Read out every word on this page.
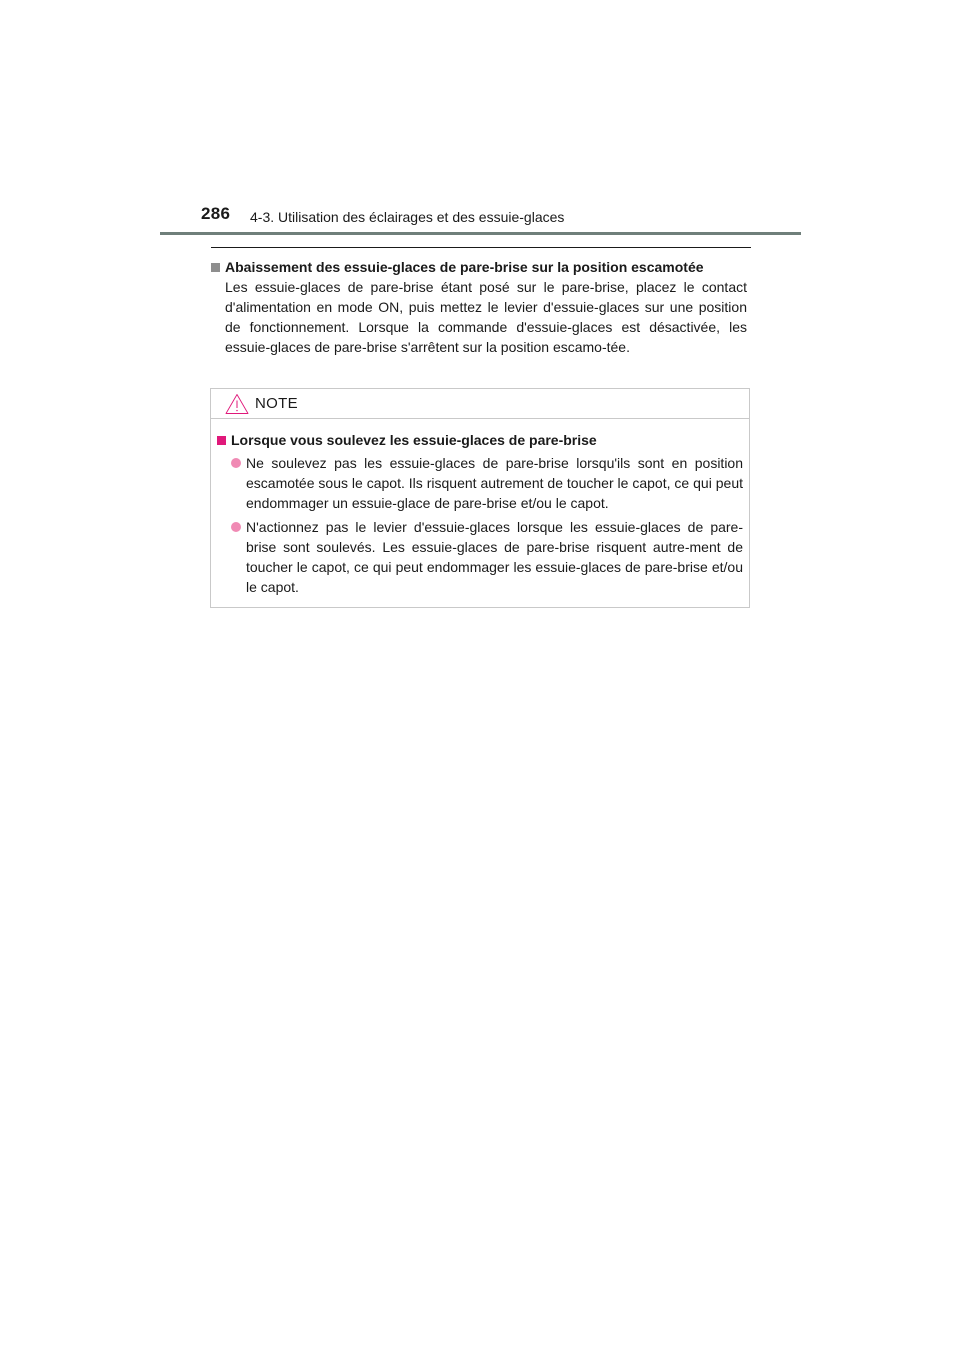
286 4-3. Utilisation des éclairages et des essuie-glaces
Abaissement des essuie-glaces de pare-brise sur la position escamotée

Les essuie-glaces de pare-brise étant posé sur le pare-brise, placez le contact d'alimentation en mode ON, puis mettez le levier d'essuie-glaces sur une position de fonctionnement. Lorsque la commande d'essuie-glaces est désactivée, les essuie-glaces de pare-brise s'arrêtent sur la position escamo-tée.

NOTE
Lorsque vous soulevez les essuie-glaces de pare-brise
Ne soulevez pas les essuie-glaces de pare-brise lorsqu'ils sont en position escamotée sous le capot. Ils risquent autrement de toucher le capot, ce qui peut endommager un essuie-glace de pare-brise et/ou le capot.
N'actionnez pas le levier d'essuie-glaces lorsque les essuie-glaces de pare-brise sont soulevés. Les essuie-glaces de pare-brise risquent autre-ment de toucher le capot, ce qui peut endommager les essuie-glaces de pare-brise et/ou le capot.
